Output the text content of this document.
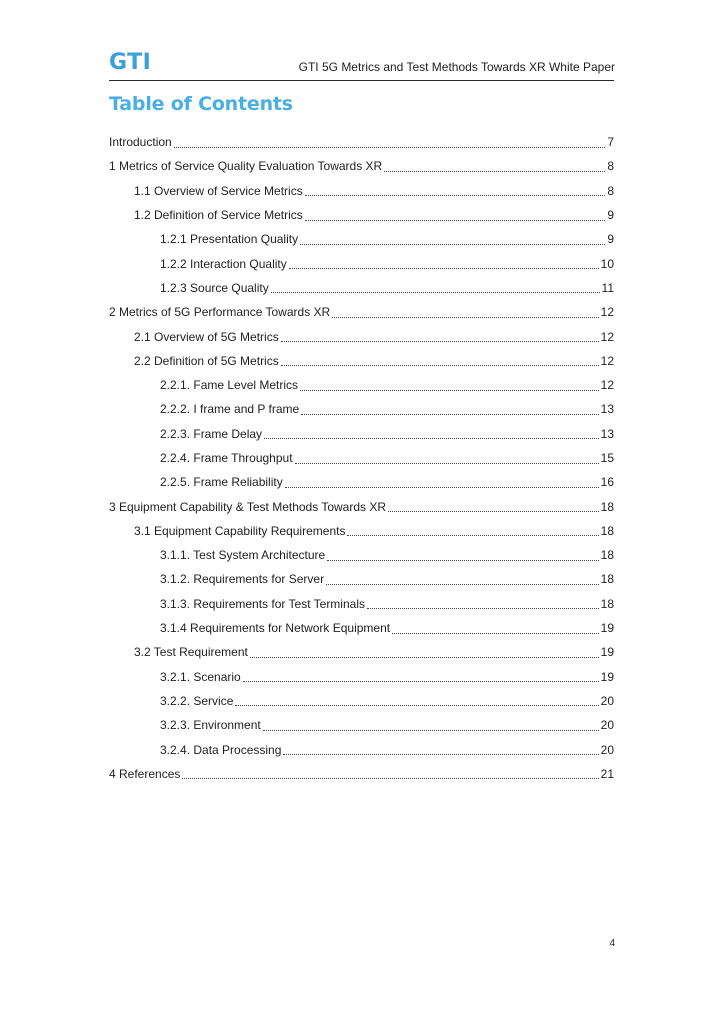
GTI	GTI 5G Metrics and Test Methods Towards XR White Paper
Table of Contents
Introduction	7
1 Metrics of Service Quality Evaluation Towards XR	8
1.1 Overview of Service Metrics	8
1.2 Definition of Service Metrics	9
1.2.1 Presentation Quality	9
1.2.2 Interaction Quality	10
1.2.3 Source Quality	11
2 Metrics of 5G Performance Towards XR	12
2.1 Overview of 5G Metrics	12
2.2 Definition of 5G Metrics	12
2.2.1. Fame Level Metrics	12
2.2.2. I frame and P frame	13
2.2.3. Frame Delay	13
2.2.4. Frame Throughput	15
2.2.5. Frame Reliability	16
3 Equipment Capability & Test Methods Towards XR	18
3.1 Equipment Capability Requirements	18
3.1.1. Test System Architecture	18
3.1.2. Requirements for Server	18
3.1.3. Requirements for Test Terminals	18
3.1.4 Requirements for Network Equipment	19
3.2 Test Requirement	19
3.2.1. Scenario	19
3.2.2. Service	20
3.2.3. Environment	20
3.2.4. Data Processing	20
4 References	21
4
